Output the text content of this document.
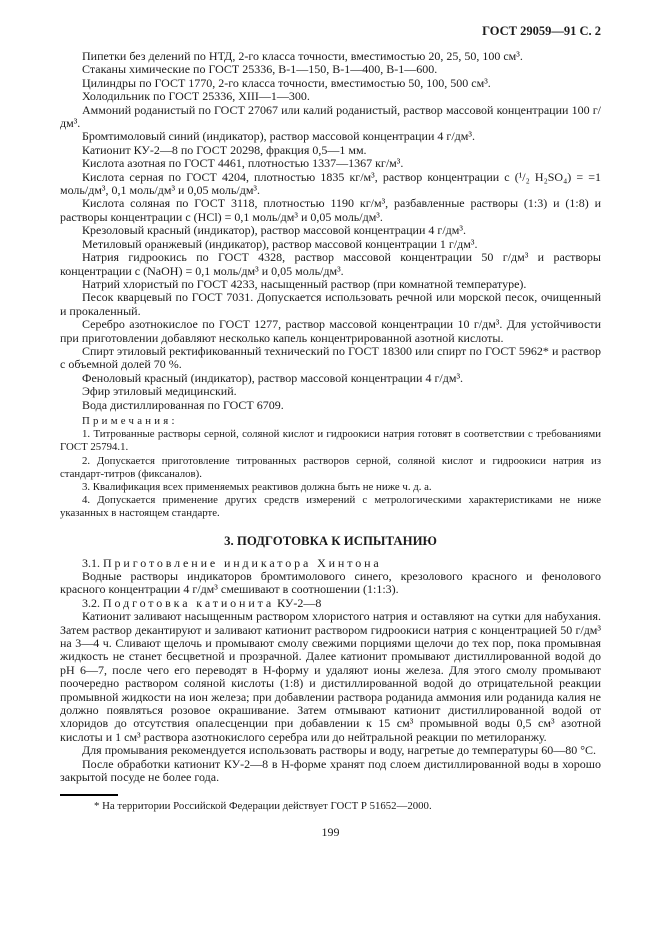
ГОСТ 29059—91 С. 2

Пипетки без делений по НТД, 2-го класса точности, вместимостью 20, 25, 50, 100 см³.

Стаканы химические по ГОСТ 25336, В-1—150, В-1—400, В-1—600.

Цилиндры по ГОСТ 1770, 2-го класса точности, вместимостью 50, 100, 500 см³.

Холодильник по ГОСТ 25336, XIII—1—300.

Аммоний роданистый по ГОСТ 27067 или калий роданистый, раствор массовой концентрации 100 г/дм³.

Бромтимоловый синий (индикатор), раствор массовой концентрации 4 г/дм³.

Катионит КУ-2—8 по ГОСТ 20298, фракция 0,5—1 мм.

Кислота азотная по ГОСТ 4461, плотностью 1337—1367 кг/м³.

Кислота серная по ГОСТ 4204, плотностью 1835 кг/м³, раствор концентрации c (¹/₂ H₂SO₄) = =1 моль/дм³, 0,1 моль/дм³ и 0,05 моль/дм³.

Кислота соляная по ГОСТ 3118, плотностью 1190 кг/м³, разбавленные растворы (1:3) и (1:8) и растворы концентрации c (HCl) = 0,1 моль/дм³ и 0,05 моль/дм³.

Крезоловый красный (индикатор), раствор массовой концентрации 4 г/дм³.

Метиловый оранжевый (индикатор), раствор массовой концентрации 1 г/дм³.

Натрия гидроокись по ГОСТ 4328, раствор массовой концентрации 50 г/дм³ и растворы концентрации c (NaOH) = 0,1 моль/дм³ и 0,05 моль/дм³.

Натрий хлористый по ГОСТ 4233, насыщенный раствор (при комнатной температуре).

Песок кварцевый по ГОСТ 7031. Допускается использовать речной или морской песок, очищенный и прокаленный.

Серебро азотнокислое по ГОСТ 1277, раствор массовой концентрации 10 г/дм³. Для устойчивости при приготовлении добавляют несколько капель концентрированной азотной кислоты.

Спирт этиловый ректификованный технический по ГОСТ 18300 или спирт по ГОСТ 5962* и раствор с объемной долей 70 %.

Феноловый красный (индикатор), раствор массовой концентрации 4 г/дм³.

Эфир этиловый медицинский.

Вода дистиллированная по ГОСТ 6709.

Примечания:

1. Титрованные растворы серной, соляной кислот и гидроокиси натрия готовят в соответствии с требованиями ГОСТ 25794.1.

2. Допускается приготовление титрованных растворов серной, соляной кислот и гидроокиси натрия из стандарт-титров (фиксаналов).

3. Квалификация всех применяемых реактивов должна быть не ниже ч. д. а.

4. Допускается применение других средств измерений с метрологическими характеристиками не ниже указанных в настоящем стандарте.

3. ПОДГОТОВКА К ИСПЫТАНИЮ

3.1. Приготовление индикатора Хинтона

Водные растворы индикаторов бромтимолового синего, крезолового красного и фенолового красного концентрации 4 г/дм³ смешивают в соотношении (1:1:3).

3.2. Подготовка катионита КУ-2—8

Катионит заливают насыщенным раствором хлористого натрия и оставляют на сутки для набухания. Затем раствор декантируют и заливают катионит раствором гидроокиси натрия с концентрацией 50 г/дм³ на 3—4 ч. Сливают щелочь и промывают смолу свежими порциями щелочи до тех пор, пока промывная жидкость не станет бесцветной и прозрачной. Далее катионит промывают дистиллированной водой до pH 6—7, после чего его переводят в Н-форму и удаляют ионы железа. Для этого смолу промывают поочередно раствором соляной кислоты (1:8) и дистиллированной водой до отрицательной реакции промывной жидкости на ион железа; при добавлении раствора роданида аммония или роданида калия не должно появляться розовое окрашивание. Затем отмывают катионит дистиллированной водой от хлоридов до отсутствия опалесценции при добавлении к 15 см³ промывной воды 0,5 см³ азотной кислоты и 1 см³ раствора азотнокислого серебра или до нейтральной реакции по метилоранжу.

Для промывания рекомендуется использовать растворы и воду, нагретые до температуры 60—80 °С.

После обработки катионит КУ-2—8 в Н-форме хранят под слоем дистиллированной воды в хорошо закрытой посуде не более года.

* На территории Российской Федерации действует ГОСТ Р 51652—2000.

199
